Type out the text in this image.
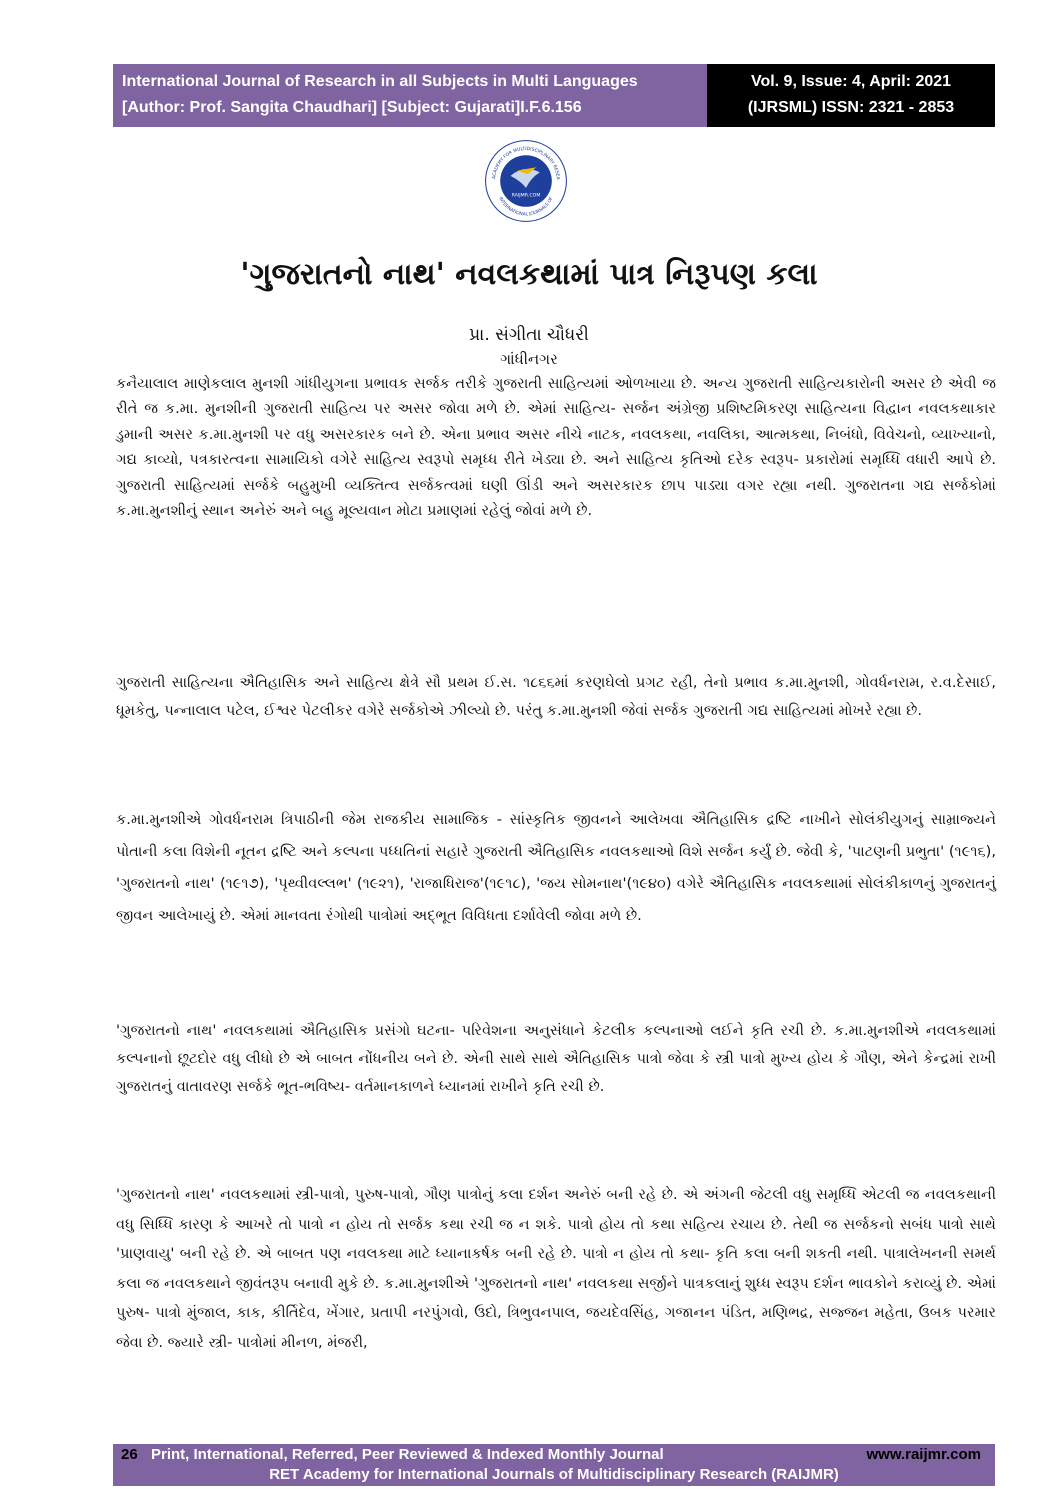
International Journal of Research in all Subjects in Multi Languages
[Author: Prof. Sangita Chaudhari] [Subject: Gujarati]I.F.6.156
Vol. 9, Issue: 4, April: 2021
(IJRSML) ISSN: 2321 - 2853
RAIJMR.COM
ACADEMY FOR MULTIDISCIPLINARY RESEA
INTERNATIONAL JOURNALS OF
'ગુજરાતનો નાથ' નવલકથામાં પાત્ર નિરૂપણ કલા
પ્રા. સંગીતા ચૌધરી
ગાંધીનગર

કનૈયાલાલ માણેકલાલ મુનશી ગાંધીયુગના પ્રભાવક સર્જક તરીકે ગુજરાતી સાહિત્યમાં ઓળખાયા છે. અન્ય ગુજરાતી સાહિત્યકારોની અસર છે એવી જ રીતે જ ક.મા. મુનશીની ગુજરાતી સાહિત્ય પર અસર જોવા મળે છે. એમાં સાહિત્ય- સર્જન અંગ્રેજી પ્રશિષ્ટમિકરણ સાહિત્યના વિદ્વાન નવલકથાકાર ડુમાની અસર ક.મા.મુનશી પર વધુ અસરકારક બને છે. એના પ્રભાવ અસર નીચે નાટક, નવલકથા, નવલિકા, આત્મકથા, નિબંધો, વિવેચનો, વ્યાખ્યાનો, ગદ્ય કાવ્યો, પત્રકારત્વના સામાયિકો વગેરે સાહિત્ય સ્વરૂપો સમૃધ્ધ રીતે ખેડ્યા છે. અને સાહિત્ય કૃતિઓ દરેક સ્વરૂપ- પ્રકારોમાં સમૃધ્ધિ વધારી આપે છે. ગુજરાતી સાહિત્યમાં સર્જકે બહુમુખી વ્યક્તિત્વ સર્જકત્વમાં ઘણી ઊંડી અને અસરકારક છાપ પાડ્યા વગર રહ્યા નથી. ગુજરાતના ગદ્ય સર્જકોમાં ક.મા.મુનશીનું સ્થાન અનેરું અને બહુ મૂલ્યવાન મોટા પ્રમાણમાં રહેલું જોવાં મળે છે.

ગુજરાતી સાહિત્યના ઐતિહાસિક અને સાહિત્ય ક્ષેત્રે સૌ પ્રથમ ઈ.સ. ૧૮૬૬માં કરણઘેલો પ્રગટ રહી, તેનો પ્રભાવ ક.મા.મુનશી, ગોવર્ધનરામ, ર.વ.દેસાઈ, ધૂમકેતુ, પન્નાલાલ પટેલ, ઈશ્વર પેટલીકર વગેરે સર્જકોએ ઝીલ્યો છે. પરંતુ ક.મા.મુનશી જેવાં સર્જક ગુજરાતી ગદ્ય સાહિત્યમાં મોખરે રહ્યા છે.

ક.મા.મુનશીએ ગોવર્ધનરામ ત્રિપાઠીની જેમ રાજકીય સામાજિક - સાંસ્કૃતિક જીવનને આલેખવા ઐતિહાસિક દ્રષ્ટિ નાખીને સોલંકીયુગનું સામ્રાજ્યને પોતાની કલા વિશેની નૂતન દ્રષ્ટિ અને કલ્પના પધ્ધતિનાં સહારે ગુજરાતી ઐતિહાસિક નવલકથાઓ વિશે સર્જન કર્યું છે. જેવી કે, 'પાટણની પ્રભુતા' (૧૯૧૬), 'ગુજરાતનો નાથ' (૧૯૧૭), 'પૃથ્વીવલ્લભ' (૧૯૨૧), 'રાજાધિરાજ'(૧૯૧૮), 'જય સોમનાથ'(૧૯૪૦) વગેરે ઐતિહાસિક નવલકથામાં સોલંકીકાળનું ગુજરાતનું જીવન આલેખાયું છે. એમાં માનવતા રંગોથી પાત્રોમાં અદ્ભૂત વિવિધતા દર્શાવેલી જોવા મળે છે.

'ગુજરાતનો નાથ' નવલકથામાં ઐતિહાસિક પ્રસંગો ઘટના- પરિવેશના અનુસંધાને કેટલીક કલ્પનાઓ લઈને કૃતિ રચી છે. ક.મા.મુનશીએ નવલકથામાં કલ્પનાનો છૂટદોર વધુ લીધો છે એ બાબત નોંધનીય બને છે. એની સાથે સાથે ઐતિહાસિક પાત્રો જેવા કે સ્ત્રી પાત્રો મુખ્ય હોય કે ગૌણ, એને કેન્દ્રમાં રાખી ગુજરાતનું વાતાવરણ સર્જકે ભૂત-ભવિષ્ય- વર્તમાનકાળને ધ્યાનમાં રાખીને કૃતિ રચી છે.

'ગુજરાતનો નાથ' નવલકથામાં સ્ત્રી-પાત્રો, પુરુષ-પાત્રો, ગૌણ પાત્રોનું કલા દર્શન અનેરું બની રહે છે. એ અંગની જેટલી વધુ સમૃધ્ધિ એટલી જ નવલકથાની વધુ સિધ્ધિ કારણ કે આખરે તો પાત્રો ન હોય તો સર્જક કથા રચી જ ન શકે. પાત્રો હોય તો કથા સહિત્ય રચાય છે. તેથી જ સર્જકનો સબંધ પાત્રો સાથે 'પ્રાણવાયુ' બની રહે છે. એ બાબત પણ નવલકથા માટે ધ્યાનાકર્ષક બની રહે છે. પાત્રો ન હોય તો કથા- કૃતિ કલા બની શકતી નથી. પાત્રાલેખનની સમર્થ કલા જ નવલકથાને જીવંતરૂપ બનાવી મુકે છે. ક.મા.મુનશીએ 'ગુજરાતનો નાથ' નવલકથા સર્જીને પાત્રકલાનું શુધ્ધ સ્વરૂપ દર્શન ભાવકોને કરાવ્યું છે. એમાં પુરુષ- પાત્રો મુંજાલ, કાક, કીર્તિદેવ, ખેંગાર, પ્રતાપી નરપુંગવો, ઉદો, ત્રિભુવનપાલ, જયદેવસિંહ, ગજાનન પંડિત, મણિભદ્ર, સજ્જન મહેતા, ઉબક પરમાર જેવા છે. જ્યારે સ્ત્રી- પાત્રોમાં મીનળ, મંજરી,

26 Print, International, Referred, Peer Reviewed & Indexed Monthly Journal	www.raijmr.com
RET Academy for International Journals of Multidisciplinary Research (RAIJMR)
